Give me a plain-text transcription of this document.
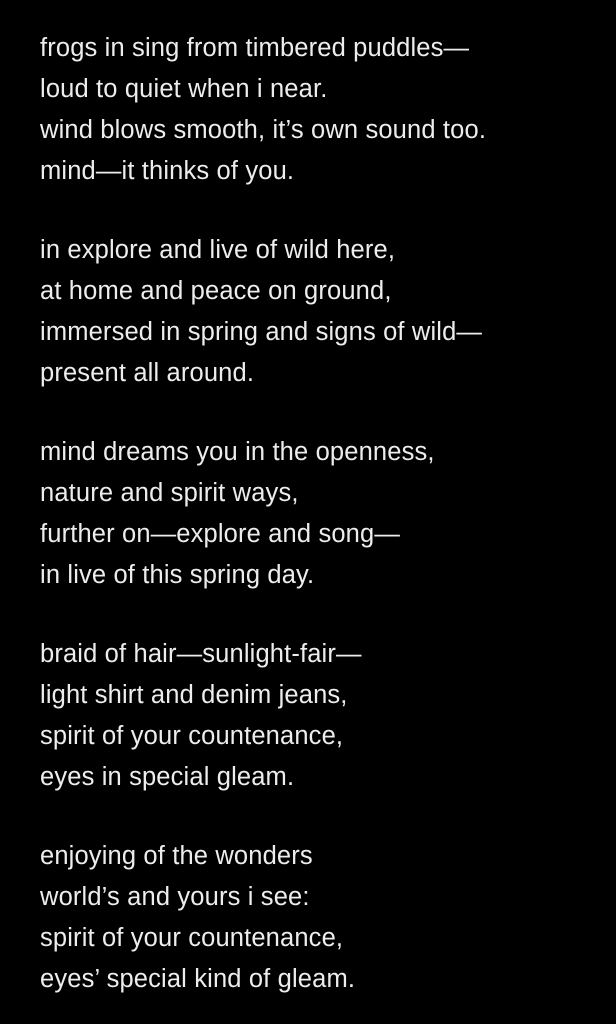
frogs in sing from timbered puddles—
loud to quiet when i near.
wind blows smooth, it’s own sound too.
mind—it thinks of you.
in explore and live of wild here,
at home and peace on ground,
immersed in spring and signs of wild—
present all around.
mind dreams you in the openness,
nature and spirit ways,
further on—explore and song—
in live of this spring day.
braid of hair—sunlight-fair—
light shirt and denim jeans,
spirit of your countenance,
eyes in special gleam.
enjoying of the wonders
world’s and yours i see:
spirit of your countenance,
eyes’ special kind of gleam.
